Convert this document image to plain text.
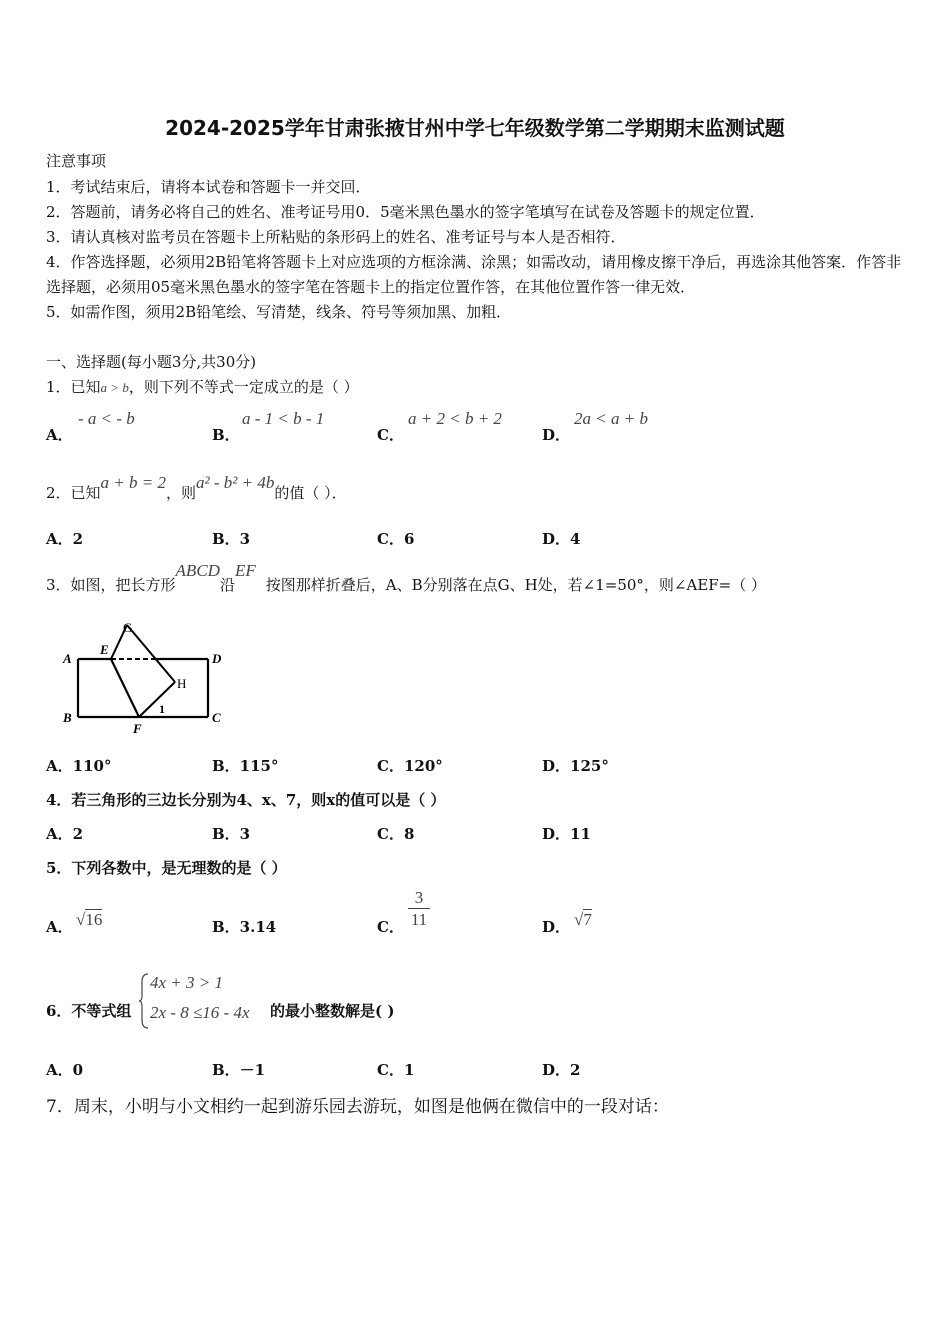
2024-2025学年甘肃张掖甘州中学七年级数学第二学期期末监测试题
注意事项
1．考试结束后，请将本试卷和答题卡一并交回．
2．答题前，请务必将自己的姓名、准考证号用0．5毫米黑色墨水的签字笔填写在试卷及答题卡的规定位置．
3．请认真核对监考员在答题卡上所粘贴的条形码上的姓名、准考证号与本人是否相符．
4．作答选择题，必须用2B铅笔将答题卡上对应选项的方框涂满、涂黑；如需改动，请用橡皮擦干净后，再选涂其他答案．作答非选择题，必须用05毫米黑色墨水的签字笔在答题卡上的指定位置作答，在其他位置作答一律无效．
5．如需作图，须用2B铅笔绘、写清楚，线条、符号等须加黑、加粗．
一、选择题(每小题3分,共30分)
1．已知a > b，则下列不等式一定成立的是（ ）
A．
- a < - b
B．
a - 1 < b - 1
C．
a + 2 < b + 2
D．
2a < a + b
2．已知a + b = 2，则a² - b² + 4b的值（ ）．
A．2	B．3	C．6	D．4
3．如图，把长方形ABCD沿EF按图那样折叠后，A、B分别落在点G、H处，若∠1=50°，则∠AEF=（ ）
A
E
G
D
H
B
1
C
F
A．110°	B．115°	C．120°	D．125°
4．若三角形的三边长分别为4、x、7，则x的值可以是（ ）
A．2	B．3	C．8	D．11
5．下列各数中，是无理数的是（ ）
A． √16	B．3.14	C． $\frac{3}{11}$	D． √7
6．不等式组
4x + 3 > 1
2x - 8 ≤16 - 4x 的最小整数解是( )
A．0	B．－1	C．1	D．2
7．周末，小明与小文相约一起到游乐园去游玩，如图是他俩在微信中的一段对话：
